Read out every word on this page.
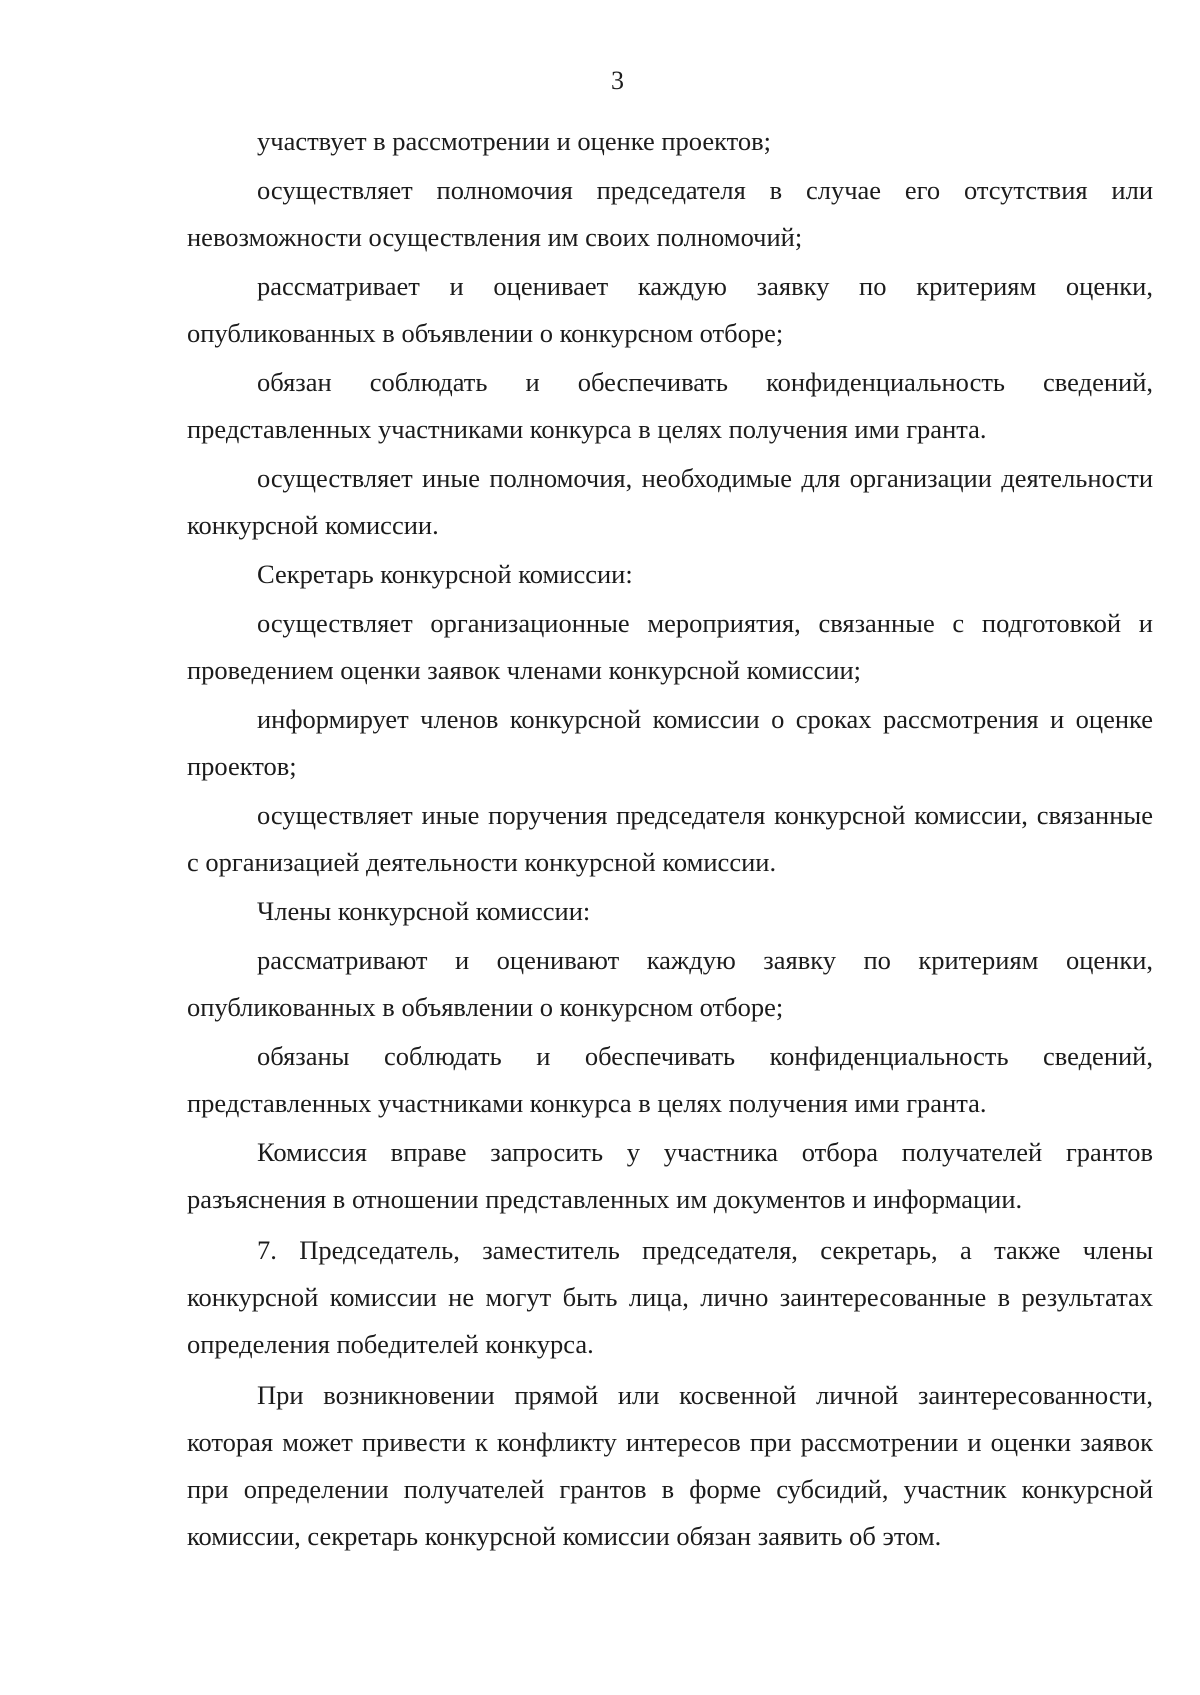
3

участвует в рассмотрении и оценке проектов;

осуществляет полномочия председателя в случае его отсутствия или невозможности осуществления им своих полномочий;

рассматривает и оценивает каждую заявку по критериям оценки, опубликованных в объявлении о конкурсном отборе;

обязан соблюдать и обеспечивать конфиденциальность сведений, представленных участниками конкурса в целях получения ими гранта.

осуществляет иные полномочия, необходимые для организации деятельности конкурсной комиссии.

Секретарь конкурсной комиссии:

осуществляет организационные мероприятия, связанные с подготовкой и проведением оценки заявок членами конкурсной комиссии;

информирует членов конкурсной комиссии о сроках рассмотрения и оценке проектов;

осуществляет иные поручения председателя конкурсной комиссии, связанные с организацией деятельности конкурсной комиссии.

Члены конкурсной комиссии:

рассматривают и оценивают каждую заявку по критериям оценки, опубликованных в объявлении о конкурсном отборе;

обязаны соблюдать и обеспечивать конфиденциальность сведений, представленных участниками конкурса в целях получения ими гранта.

Комиссия вправе запросить у участника отбора получателей грантов разъяснения в отношении представленных им документов и информации.

7. Председатель, заместитель председателя, секретарь, а также члены конкурсной комиссии не могут быть лица, лично заинтересованные в результатах определения победителей конкурса.

При возникновении прямой или косвенной личной заинтересованности, которая может привести к конфликту интересов при рассмотрении и оценки заявок при определении получателей грантов в форме субсидий, участник конкурсной комиссии, секретарь конкурсной комиссии обязан заявить об этом.
